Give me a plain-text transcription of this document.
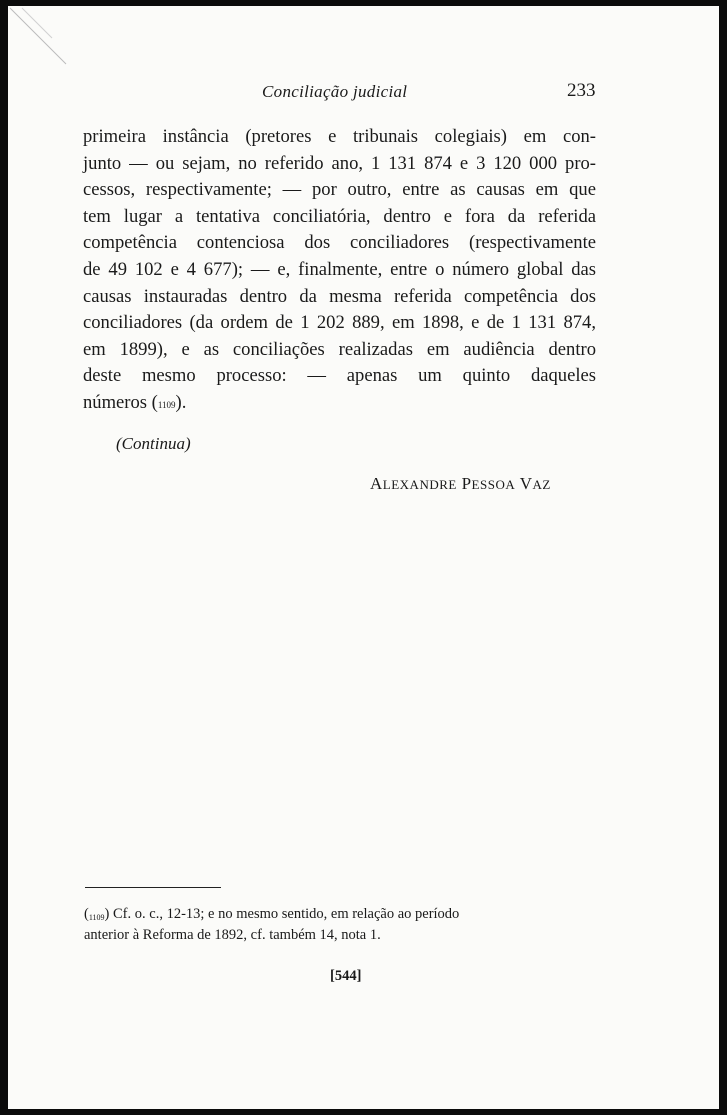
Conciliação judicial	233

primeira instância (pretores e tribunais colegiais) em con-
junto — ou sejam, no referido ano, 1 131 874 e 3 120 000 pro-
cessos, respectivamente; — por outro, entre as causas em que
tem lugar a tentativa conciliatória, dentro e fora da referida
competência contenciosa dos conciliadores (respectivamente
de 49 102 e 4 677); — e, finalmente, entre o número global das
causas instauradas dentro da mesma referida competência dos
conciliadores (da ordem de 1 202 889, em 1898, e de 1 131 874,
em 1899), e as conciliações realizadas em audiência dentro
deste mesmo processo: — apenas um quinto daqueles
números ($^{1109}$).

(Continua)
ALEXANDRE PESSOA VAZ
($^{1109}$) Cf. o. c., 12-13; e no mesmo sentido, em relação ao período
anterior à Reforma de 1892, cf. também 14, nota 1.
[544]
